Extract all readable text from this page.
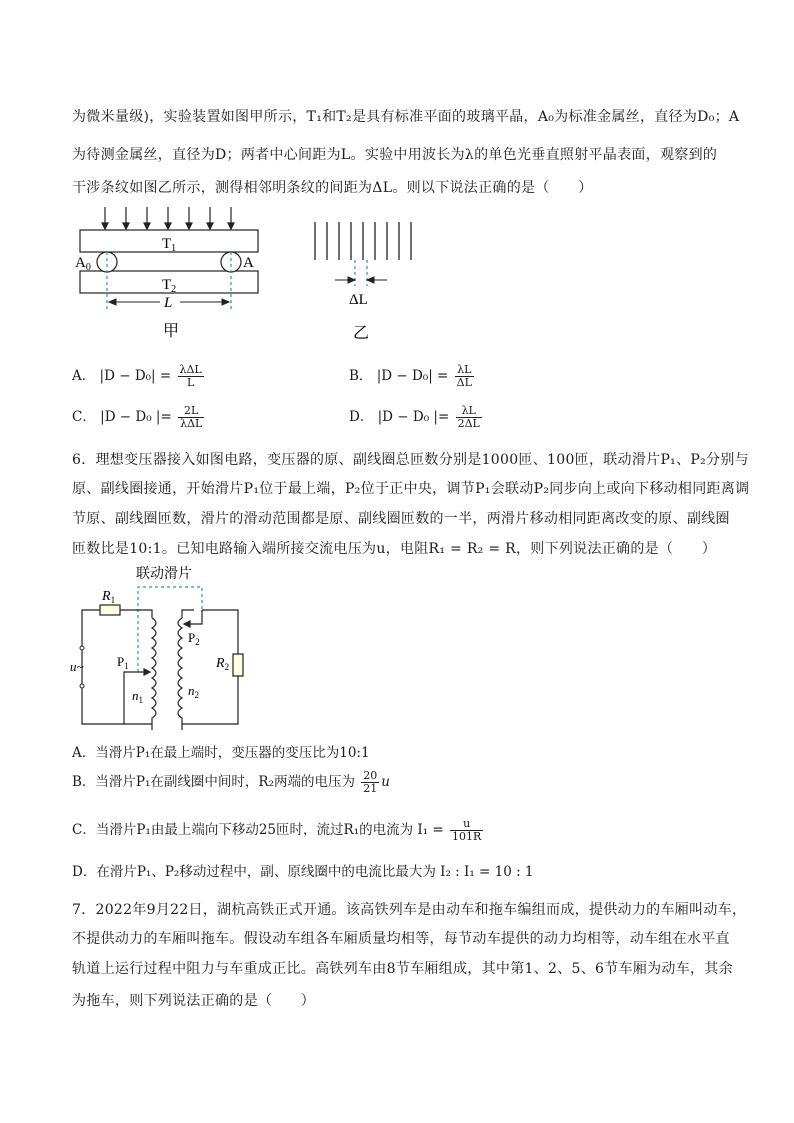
为微米量级)，实验装置如图甲所示，T₁和T₂是具有标准平面的玻璃平晶，A₀为标准金属丝，直径为D₀；A
为待测金属丝，直径为D；两者中心间距为L。实验中用波长为λ的单色光垂直照射平晶表面，观察到的
干涉条纹如图乙所示，测得相邻明条纹的间距为ΔL。则以下说法正确的是（　　）
$T_1$
$T_2$
$A_0$	A
L
甲
ΔL
乙
A． $|D - D_0| = \frac{\text{λΔL}}{L}$	B． $|D - D_0| = \frac{\lambda L}{\Delta L}$
C． |D − D₀ |= $\frac{2L}{\text{λΔL}}$	D． |D − D₀ |= $\frac{\lambda L}{2\Delta L}$
6．理想变压器接入如图电路，变压器的原、副线圈总匝数分别是1000匝、100匝，联动滑片P₁、P₂分别与
原、副线圈接通，开始滑片P₁位于最上端，P₂位于正中央，调节P₁会联动P₂同步向上或向下移动相同距离调
节原、副线圈匝数，滑片的滑动范围都是原、副线圈匝数的一半，两滑片移动相同距离改变的原、副线圈
匝数比是10:1。已知电路输入端所接交流电压为u，电阻R₁ = R₂ = R，则下列说法正确的是（　　）
联动滑片
$R_1$
$R_2$
$P_1$
$P_2$
$n_1$
$n_2$
u~
A．当滑片P₁在最上端时，变压器的变压比为10:1
B．当滑片P₁在副线圈中间时，R₂两端的电压为 $\frac{20}{21}$ u
C．当滑片P₁由最上端向下移动25匝时，流过R₁的电流为 $I_1 = \frac{u}{101R}$
D．在滑片P₁、P₂移动过程中，副、原线圈中的电流比最大为 I₂ : I₁ = 10 : 1
7．2022年9月22日，湖杭高铁正式开通。该高铁列车是由动车和拖车编组而成，提供动力的车厢叫动车，
不提供动力的车厢叫拖车。假设动车组各车厢质量均相等，每节动车提供的动力均相等，动车组在水平直
轨道上运行过程中阻力与车重成正比。高铁列车由8节车厢组成，其中第1、2、5、6节车厢为动车，其余
为拖车，则下列说法正确的是（　　）
